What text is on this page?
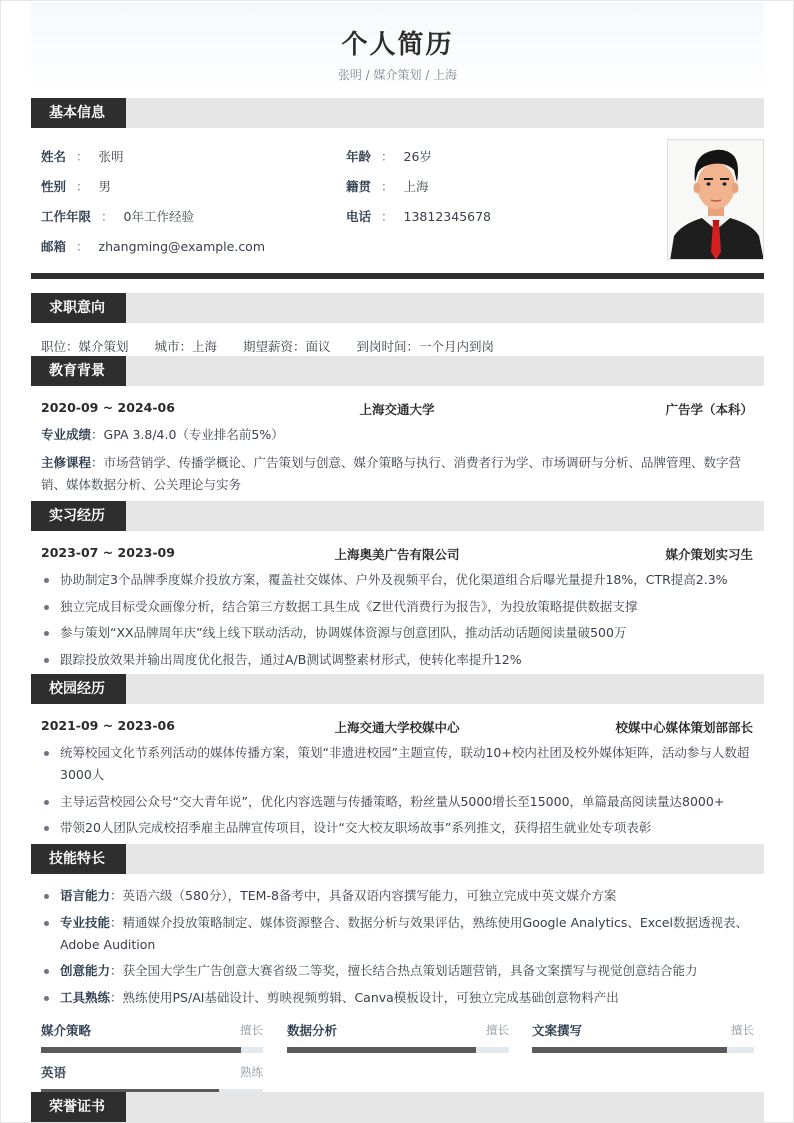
个人简历
张明 / 媒介策划 / 上海
基本信息
姓名 ： 张明	年龄 ： 26岁
性别 ： 男	籍贯 ： 上海
工作年限 ： 0年工作经验	电话 ： 13812345678
邮箱 ： zhangming@example.com
求职意向
职位：媒介策划 城市：上海 期望薪资：面议 到岗时间：一个月内到岗
教育背景
2020-09 ~ 2024-06	上海交通大学	广告学（本科）
专业成绩：GPA 3.8/4.0（专业排名前5%）
主修课程：市场营销学、传播学概论、广告策划与创意、媒介策略与执行、消费者行为学、市场调研与分析、品牌管理、数字营销、媒体数据分析、公关理论与实务
实习经历
2023-07 ~ 2023-09	上海奥美广告有限公司	媒介策划实习生
协助制定3个品牌季度媒介投放方案，覆盖社交媒体、户外及视频平台，优化渠道组合后曝光量提升18%，CTR提高2.3%
独立完成目标受众画像分析，结合第三方数据工具生成《Z世代消费行为报告》，为投放策略提供数据支撑
参与策划“XX品牌周年庆”线上线下联动活动，协调媒体资源与创意团队，推动活动话题阅读量破500万
跟踪投放效果并输出周度优化报告，通过A/B测试调整素材形式，使转化率提升12%
校园经历
2021-09 ~ 2023-06	上海交通大学校媒中心	校媒中心媒体策划部部长
统筹校园文化节系列活动的媒体传播方案，策划“非遗进校园”主题宣传，联动10+校内社团及校外媒体矩阵，活动参与人数超3000人
主导运营校园公众号“交大青年说”，优化内容选题与传播策略，粉丝量从5000增长至15000，单篇最高阅读量达8000+
带领20人团队完成校招季雇主品牌宣传项目，设计“交大校友职场故事”系列推文，获得招生就业处专项表彰
技能特长
语言能力：英语六级（580分），TEM-8备考中，具备双语内容撰写能力，可独立完成中英文媒介方案
专业技能：精通媒介投放策略制定、媒体资源整合、数据分析与效果评估，熟练使用Google Analytics、Excel数据透视表、Adobe Audition
创意能力：获全国大学生广告创意大赛省级二等奖，擅长结合热点策划话题营销，具备文案撰写与视觉创意结合能力
工具熟练：熟练使用PS/AI基础设计、剪映视频剪辑、Canva模板设计，可独立完成基础创意物料产出
媒介策略	擅长 数据分析	擅长 文案撰写	擅长
英语	熟练
荣誉证书
